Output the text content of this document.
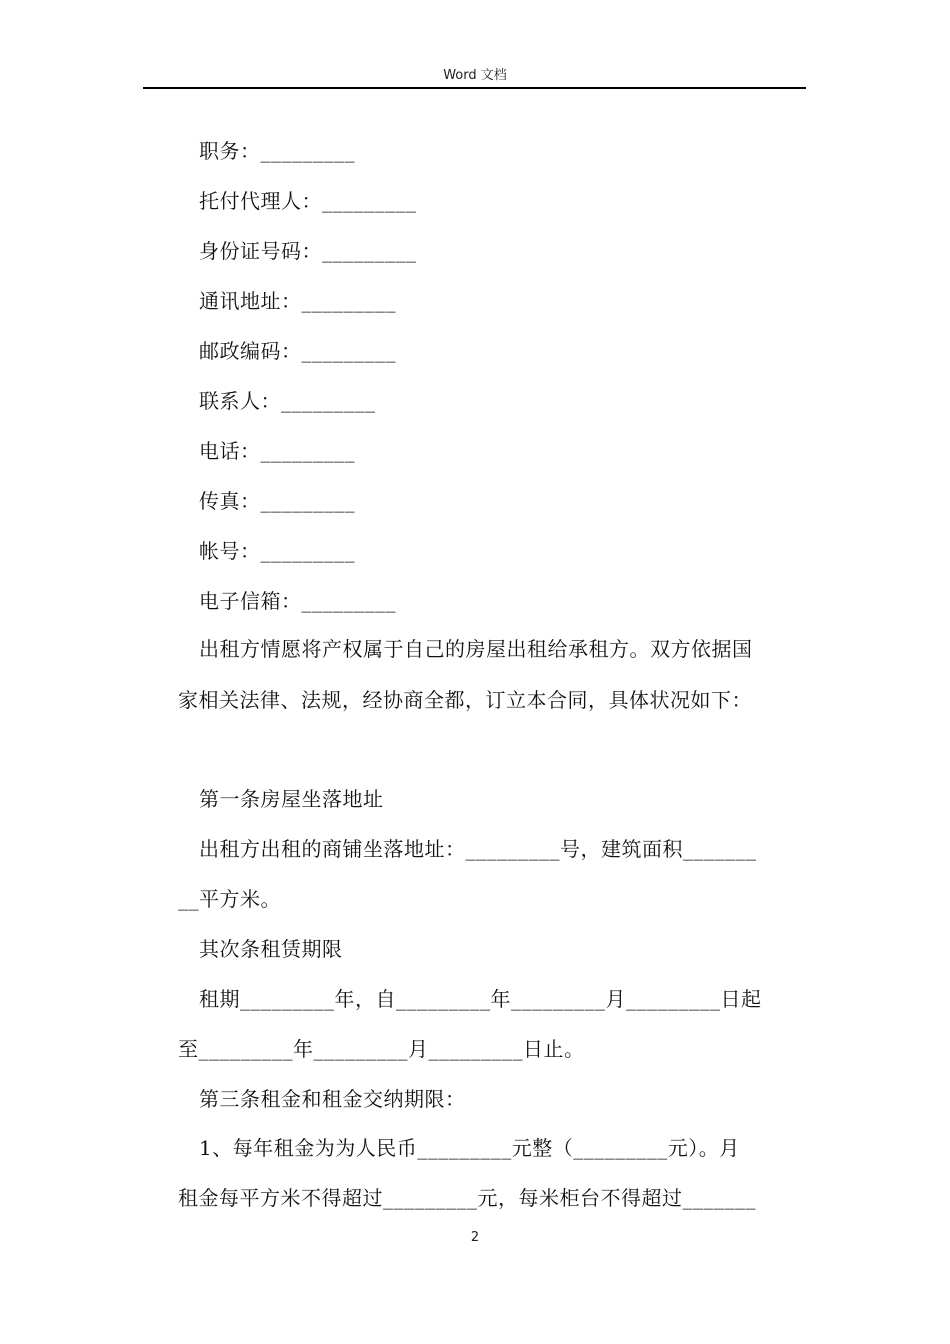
Word 文档
职务：_________
托付代理人：_________
身份证号码：_________
通讯地址：_________
邮政编码：_________
联系人：_________
电话：_________
传真：_________
帐号：_________
电子信箱：_________
出租方情愿将产权属于自己的房屋出租给承租方。双方依据国
家相关法律、法规，经协商全都，订立本合同，具体状况如下：
第一条房屋坐落地址
出租方出租的商铺坐落地址：_________号，建筑面积_______
__平方米。
其次条租赁期限
租期_________年，自_________年_________月_________日起
至_________年_________月_________日止。
第三条租金和租金交纳期限：
1、每年租金为为人民币_________元整（_________元）。月
租金每平方米不得超过_________元，每米柜台不得超过_______
2
